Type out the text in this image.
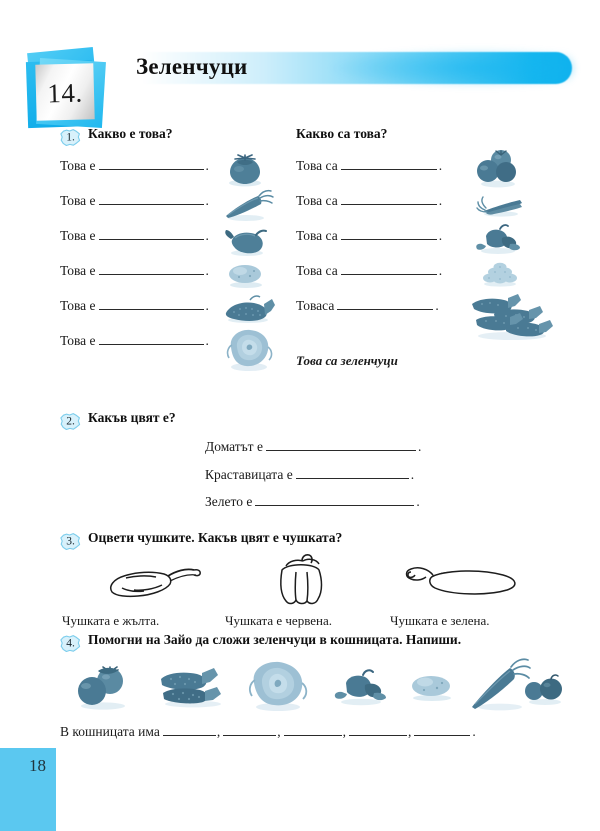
14.
Зеленчуци
1. Какво е това?	Какво са това?
Това е	.
Това е	.
Това е	.
Това е	.
Това е	.
Това е	.
Това са	.
Това са	.
Това са	.
Това са	.
Товаса	.
Това са зеленчуци
2. Какъв цвят е?
Доматът е	.
Краставицата е	.
Зелето е	.
3. Оцвети чушките. Какъв цвят е чушката?
Чушката е жълта.	Чушката е червена.	Чушката е зелена.
4. Помогни на Зайо да сложи зеленчуци в кошницата. Напиши.
В кошницата има	,	,	,	,	.
18
